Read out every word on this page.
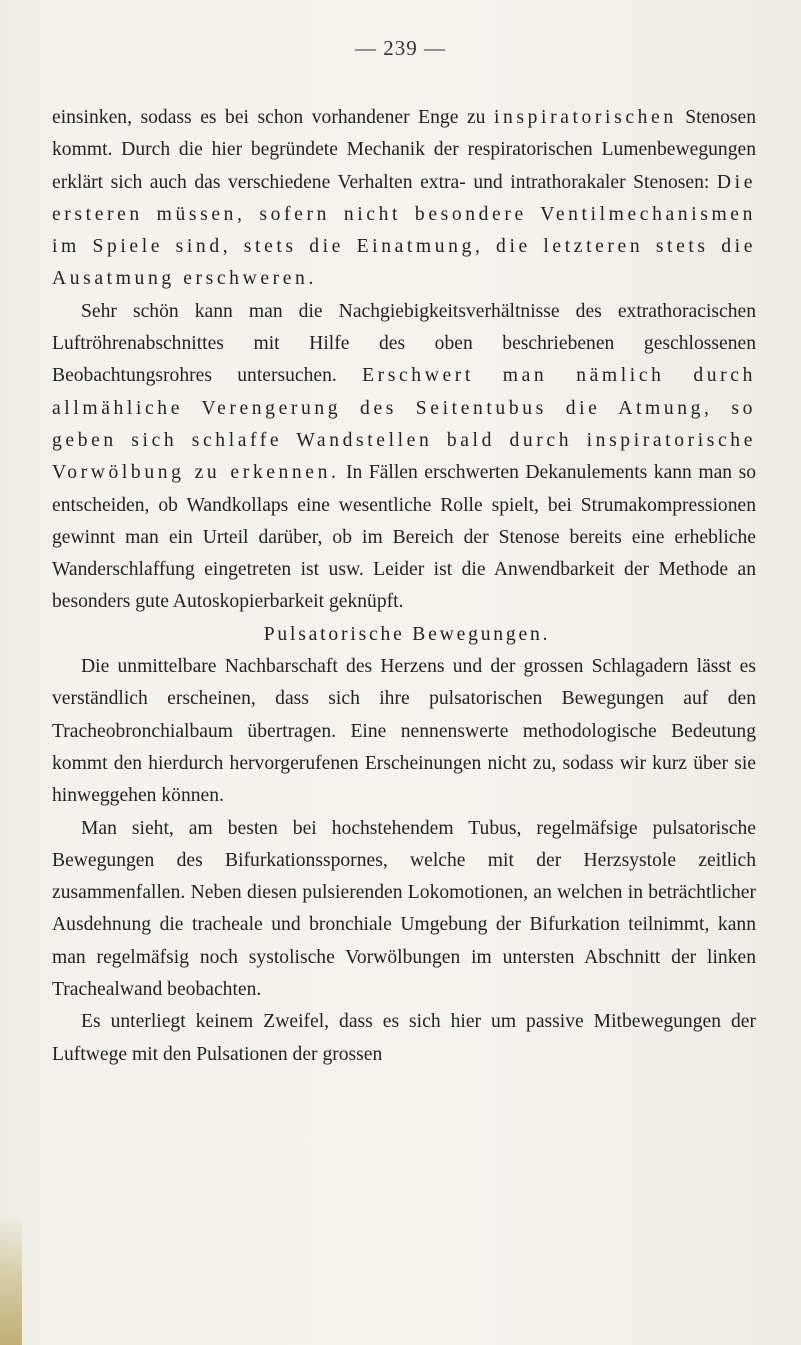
— 239 —

einsinken, sodass es bei schon vorhandener Enge zu inspiratorischen Stenosen kommt. Durch die hier begründete Mechanik der respiratorischen Lumenbewegungen erklärt sich auch das verschiedene Verhalten extra- und intrathorakaler Stenosen: Die ersteren müssen, sofern nicht besondere Ventilmechanismen im Spiele sind, stets die Einatmung, die letzteren stets die Ausatmung erschweren.

Sehr schön kann man die Nachgiebigkeitsverhältnisse des extrathoracischen Luftröhrenabschnittes mit Hilfe des oben beschriebenen geschlossenen Beobachtungsrohres untersuchen. Erschwert man nämlich durch allmähliche Verengerung des Seitentubus die Atmung, so geben sich schlaffe Wandstellen bald durch inspiratorische Vorwölbung zu erkennen. In Fällen erschwerten Dekanulements kann man so entscheiden, ob Wandkollaps eine wesentliche Rolle spielt, bei Strumakompressionen gewinnt man ein Urteil darüber, ob im Bereich der Stenose bereits eine erhebliche Wanderschlaffung eingetreten ist usw. Leider ist die Anwendbarkeit der Methode an besonders gute Autoskopierbarkeit geknüpft.

Pulsatorische Bewegungen.

Die unmittelbare Nachbarschaft des Herzens und der grossen Schlagadern lässt es verständlich erscheinen, dass sich ihre pulsatorischen Bewegungen auf den Tracheobronchialbaum übertragen. Eine nennenswerte methodologische Bedeutung kommt den hierdurch hervorgerufenen Erscheinungen nicht zu, sodass wir kurz über sie hinweggehen können.

Man sieht, am besten bei hochstehendem Tubus, regelmäfsige pulsatorische Bewegungen des Bifurkationsspornes, welche mit der Herzsystole zeitlich zusammenfallen. Neben diesen pulsierenden Lokomotionen, an welchen in beträchtlicher Ausdehnung die tracheale und bronchiale Umgebung der Bifurkation teilnimmt, kann man regelmäfsig noch systolische Vorwölbungen im untersten Abschnitt der linken Trachealwand beobachten.

Es unterliegt keinem Zweifel, dass es sich hier um passive Mitbewegungen der Luftwege mit den Pulsationen der grossen
